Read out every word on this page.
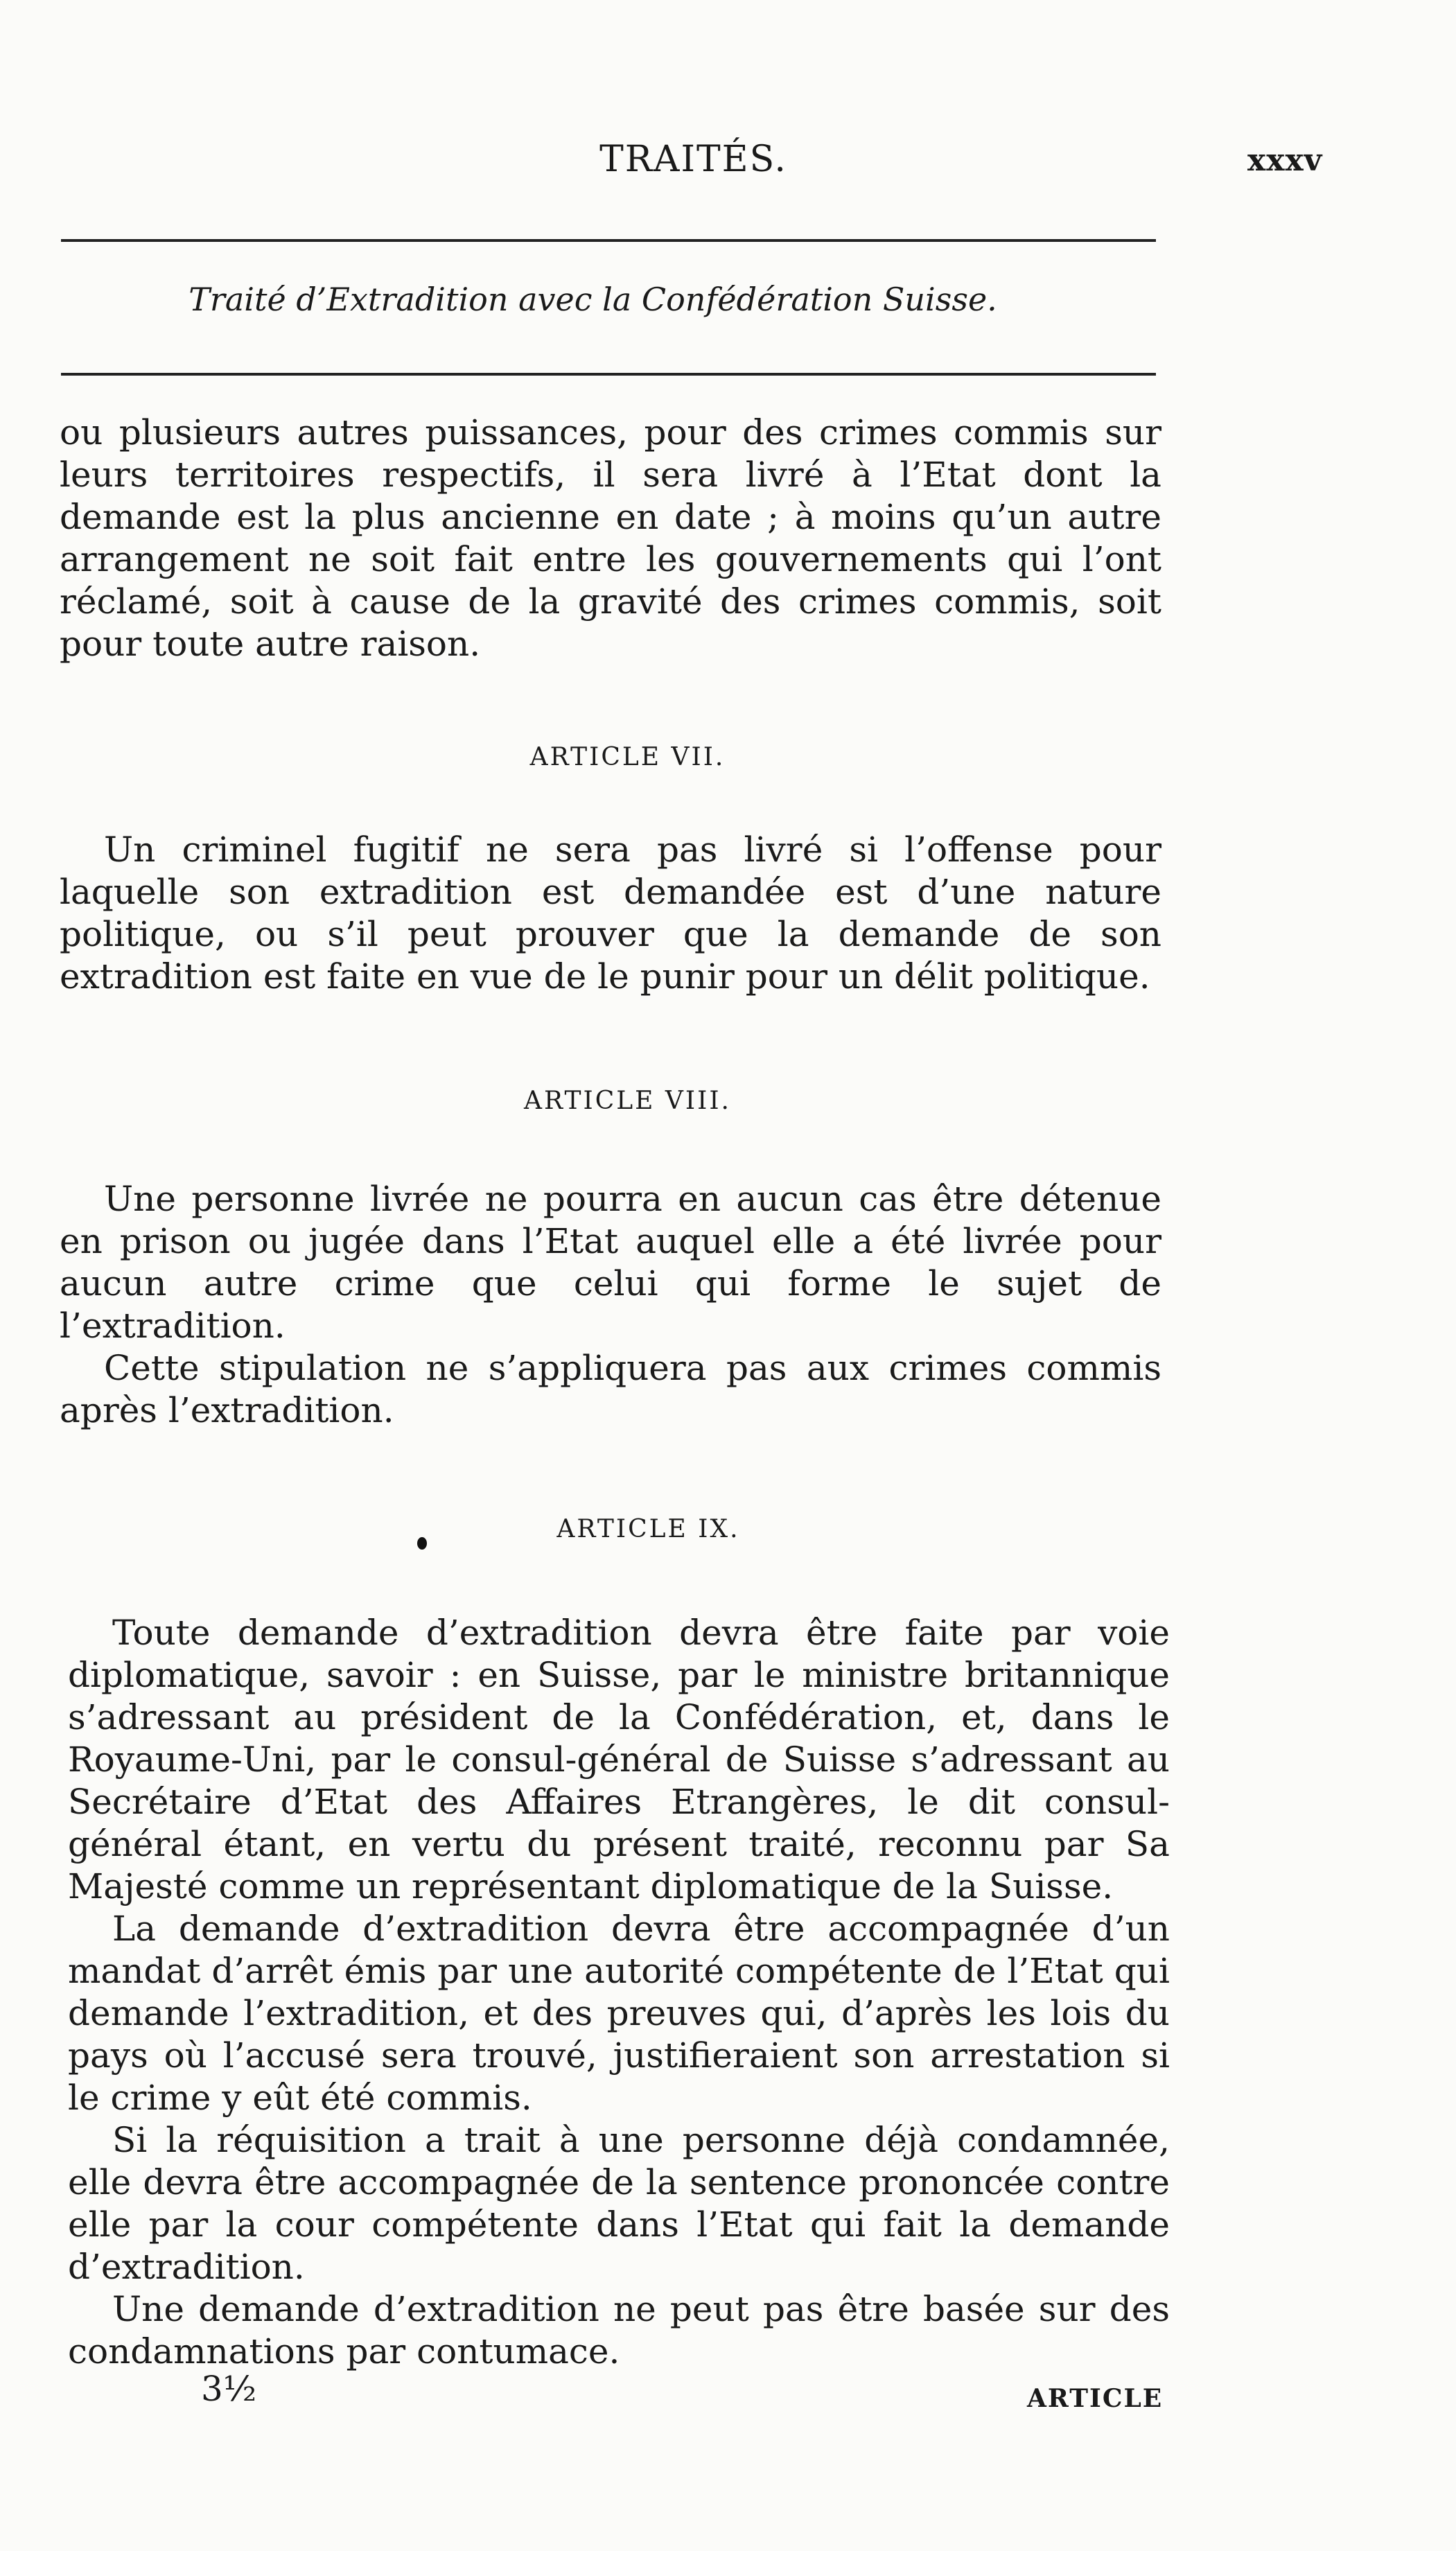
TRAITÉS.	xxxv
Traité d’Extradition avec la Confédération Suisse.

ou plusieurs autres puissances, pour des crimes commis sur leurs territoires respectifs, il sera livré à l’Etat dont la demande est la plus ancienne en date ; à moins qu’un autre arrangement ne soit fait entre les gouvernements qui l’ont réclamé, soit à cause de la gravité des crimes commis, soit pour toute autre raison.

ARTICLE VII.

Un criminel fugitif ne sera pas livré si l’offense pour laquelle son extradition est demandée est d’une nature politique, ou s’il peut prouver que la demande de son extradition est faite en vue de le punir pour un délit politique.

ARTICLE VIII.

Une personne livrée ne pourra en aucun cas être détenue en prison ou jugée dans l’Etat auquel elle a été livrée pour aucun autre crime que celui qui forme le sujet de l’extradition.

Cette stipulation ne s’appliquera pas aux crimes commis après l’extradition.

ARTICLE IX.

Toute demande d’extradition devra être faite par voie diplomatique, savoir : en Suisse, par le ministre britannique s’adressant au président de la Confédération, et, dans le Royaume-Uni, par le consul-général de Suisse s’adressant au Secrétaire d’Etat des Affaires Etrangères, le dit consul-général étant, en vertu du présent traité, reconnu par Sa Majesté comme un représentant diplomatique de la Suisse.

La demande d’extradition devra être accompagnée d’un mandat d’arrêt émis par une autorité compétente de l’Etat qui demande l’extradition, et des preuves qui, d’après les lois du pays où l’accusé sera trouvé, justifieraient son arrestation si le crime y eût été commis.

Si la réquisition a trait à une personne déjà condamnée, elle devra être accompagnée de la sentence prononcée contre elle par la cour compétente dans l’Etat qui fait la demande d’extradition.

Une demande d’extradition ne peut pas être basée sur des condamnations par contumace.

3½	ARTICLE
